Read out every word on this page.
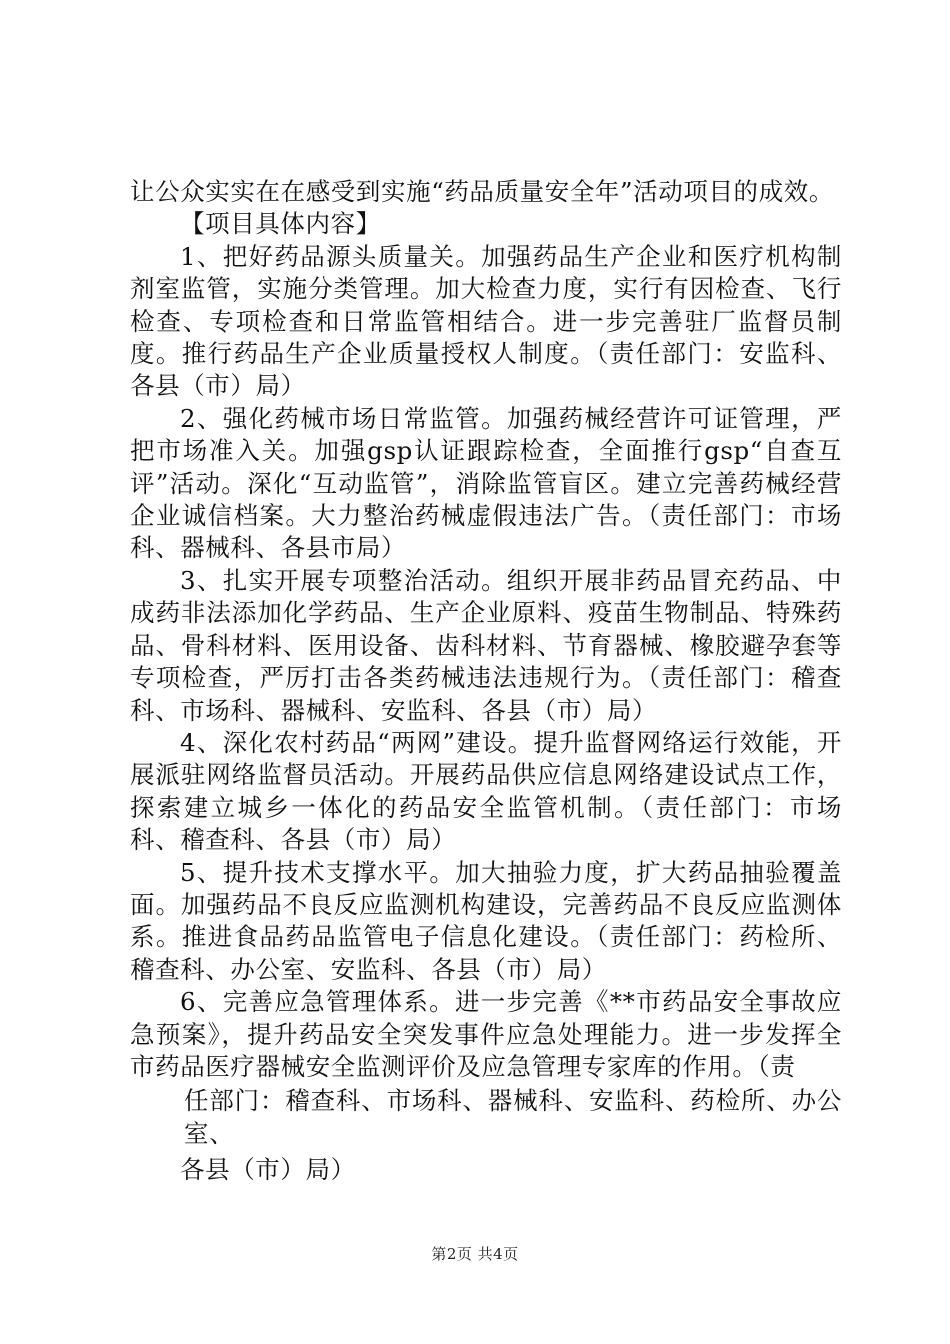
让公众实实在在感受到实施“药品质量安全年”活动项目的成效。

【项目具体内容】

1、把好药品源头质量关。加强药品生产企业和医疗机构制剂室监管，实施分类管理。加大检查力度，实行有因检查、飞行检查、专项检查和日常监管相结合。进一步完善驻厂监督员制度。推行药品生产企业质量授权人制度。（责任部门：安监科、各县（市）局）

2、强化药械市场日常监管。加强药械经营许可证管理，严把市场准入关。加强gsp认证跟踪检查，全面推行gsp“自查互评”活动。深化“互动监管”，消除监管盲区。建立完善药械经营企业诚信档案。大力整治药械虚假违法广告。（责任部门：市场科、器械科、各县市局）

3、扎实开展专项整治活动。组织开展非药品冒充药品、中成药非法添加化学药品、生产企业原料、疫苗生物制品、特殊药品、骨科材料、医用设备、齿科材料、节育器械、橡胶避孕套等专项检查，严厉打击各类药械违法违规行为。（责任部门：稽查科、市场科、器械科、安监科、各县（市）局）

4、深化农村药品“两网”建设。提升监督网络运行效能，开展派驻网络监督员活动。开展药品供应信息网络建设试点工作，探索建立城乡一体化的药品安全监管机制。（责任部门：市场科、稽查科、各县（市）局）

5、提升技术支撑水平。加大抽验力度，扩大药品抽验覆盖面。加强药品不良反应监测机构建设，完善药品不良反应监测体系。推进食品药品监管电子信息化建设。（责任部门：药检所、稽查科、办公室、安监科、各县（市）局）

6、完善应急管理体系。进一步完善《**市药品安全事故应急预案》，提升药品安全突发事件应急处理能力。进一步发挥全市药品医疗器械安全监测评价及应急管理专家库的作用。（责

任部门：稽查科、市场科、器械科、安监科、药检所、办公室、

各县（市）局）

第2页 共4页
